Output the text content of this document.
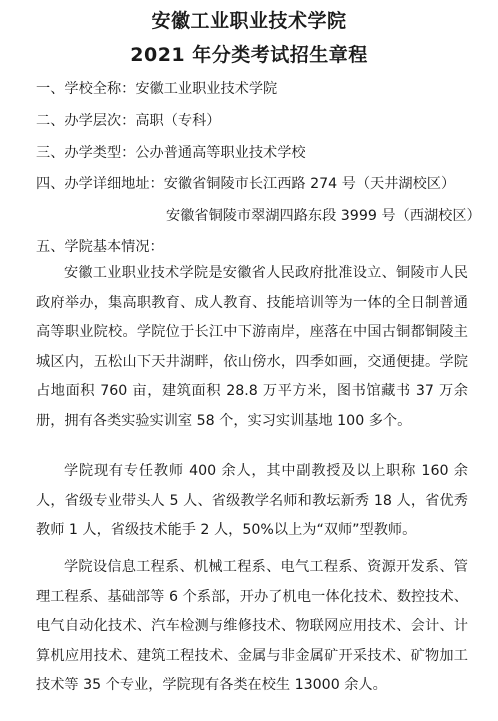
安徽工业职业技术学院
2021 年分类考试招生章程
一、学校全称：安徽工业职业技术学院
二、办学层次：高职（专科）
三、办学类型：公办普通高等职业技术学校
四、办学详细地址：安徽省铜陵市长江西路 274 号（天井湖校区）
安徽省铜陵市翠湖四路东段 3999 号（西湖校区）
五、学院基本情况：
安徽工业职业技术学院是安徽省人民政府批准设立、铜陵市人民政府举办，集高职教育、成人教育、技能培训等为一体的全日制普通高等职业院校。学院位于长江中下游南岸，座落在中国古铜都铜陵主城区内，五松山下天井湖畔，依山傍水，四季如画，交通便捷。学院占地面积 760 亩，建筑面积 28.8 万平方米，图书馆藏书 37 万余册，拥有各类实验实训室 58 个，实习实训基地 100 多个。
学院现有专任教师 400 余人，其中副教授及以上职称 160 余人，省级专业带头人 5 人、省级教学名师和教坛新秀 18 人，省优秀教师 1 人，省级技术能手 2 人，50%以上为“双师”型教师。
学院设信息工程系、机械工程系、电气工程系、资源开发系、管理工程系、基础部等 6 个系部，开办了机电一体化技术、数控技术、电气自动化技术、汽车检测与维修技术、物联网应用技术、会计、计算机应用技术、建筑工程技术、金属与非金属矿开采技术、矿物加工技术等 35 个专业，学院现有各类在校生 13000 余人。
